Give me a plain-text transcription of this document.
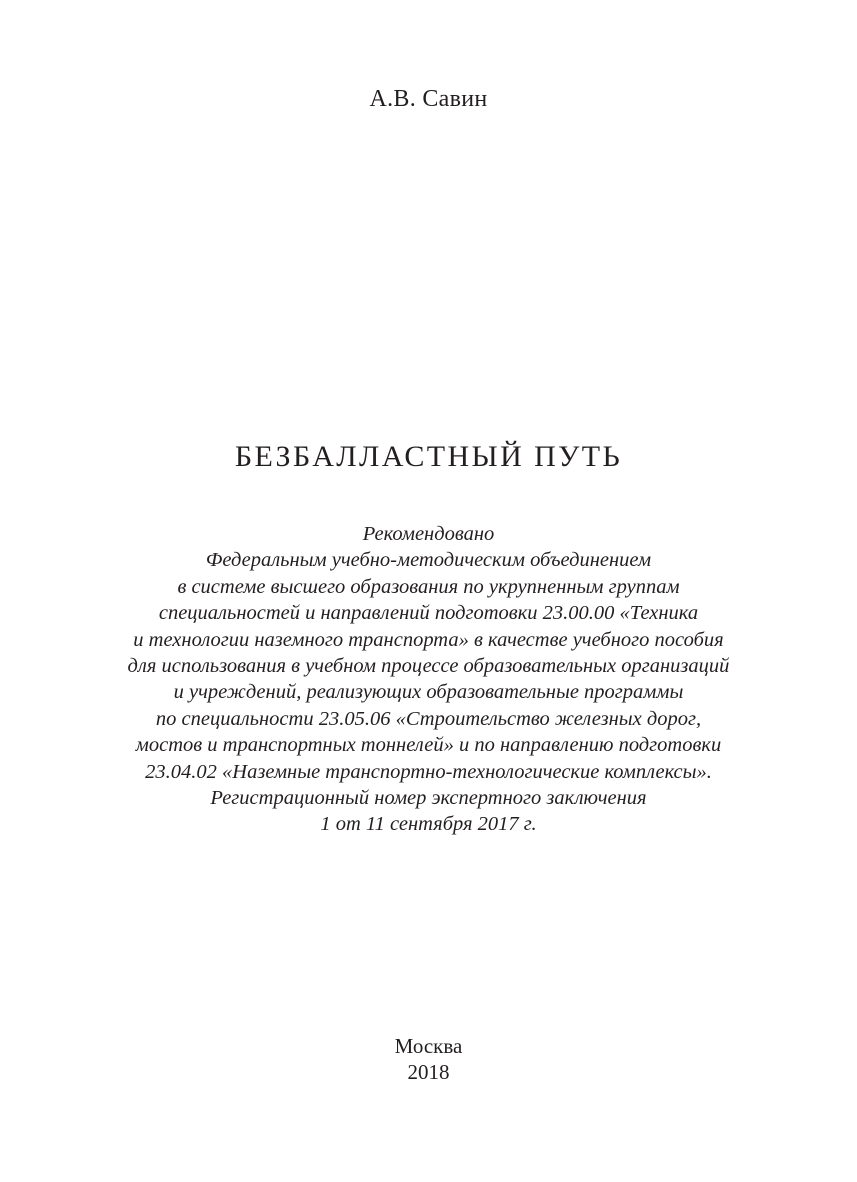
А.В. Савин
БЕЗБАЛЛАСТНЫЙ ПУТЬ
Рекомендовано
Федеральным учебно-методическим объединением
в системе высшего образования по укрупненным группам
специальностей и направлений подготовки 23.00.00 «Техника
и технологии наземного транспорта» в качестве учебного пособия
для использования в учебном процессе образовательных организаций
и учреждений, реализующих образовательные программы
по специальности 23.05.06 «Строительство железных дорог,
мостов и транспортных тоннелей» и по направлению подготовки
23.04.02 «Наземные транспортно-технологические комплексы».
Регистрационный номер экспертного заключения
1 от 11 сентября 2017 г.
Москва
2018
